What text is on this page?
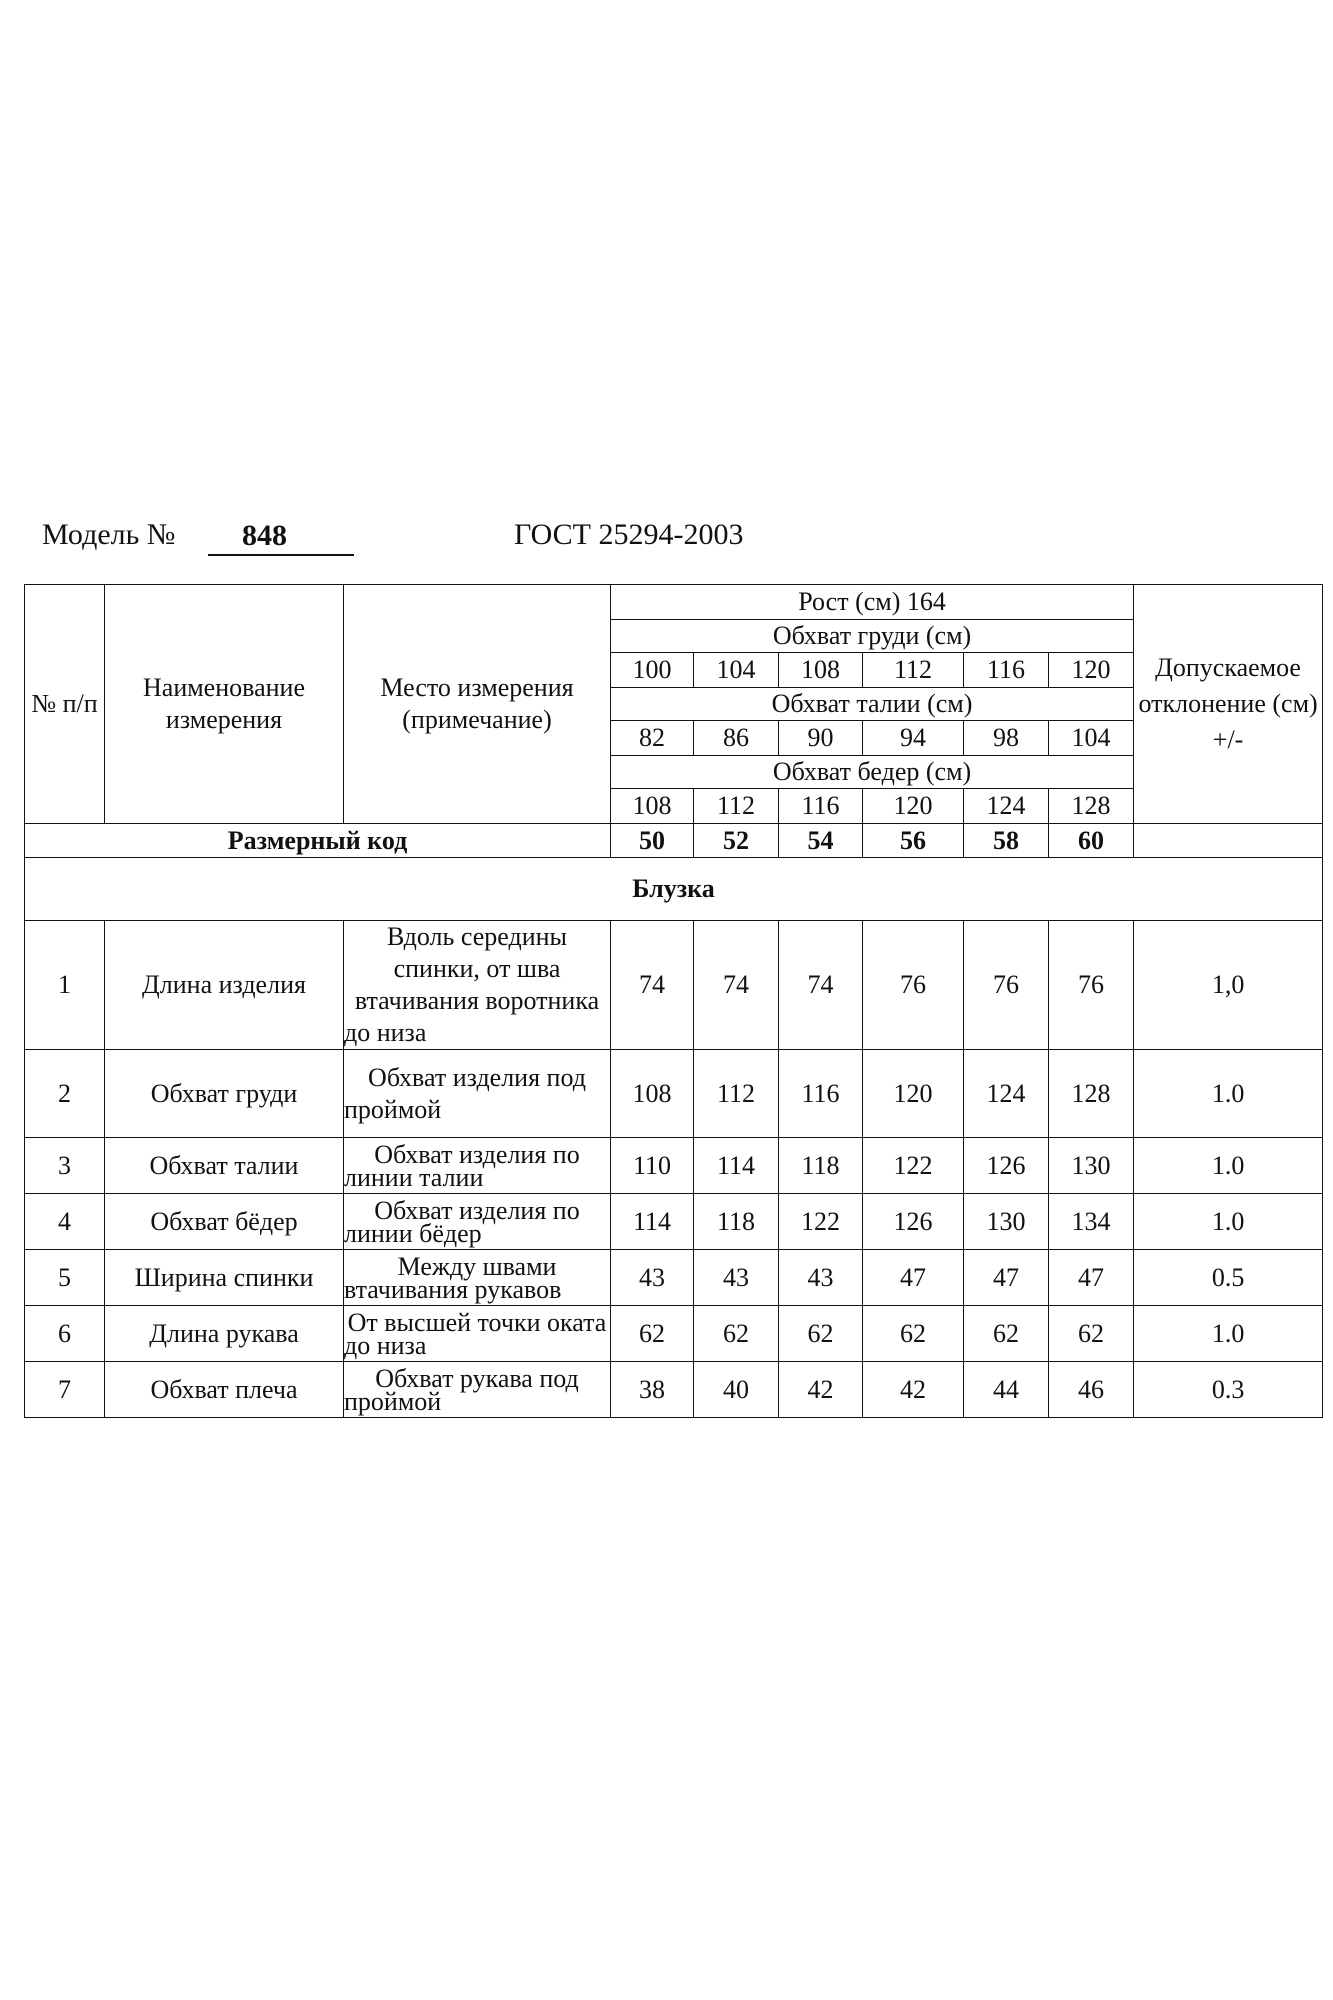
Модель №	848	ГОСТ 25294-2003
№ п/п	Наименование измерения	Место измерения (примечание)	Рост (см) 164						Допускаемое отклонение (см) +/-
			Обхват груди (см)						
			100	104	108	112	116	120	
			Обхват талии (см)						
			82	86	90	94	98	104	
			Обхват бедер (см)						
			108	112	116	120	124	128	
Размерный код			50	52	54	56	58	60	
Блузка									
1	Длина изделия	Вдоль середины спинки, от шва втачивания воротника до низа	74	74	74	76	76	76	1,0
2	Обхват груди	Обхват изделия под проймой	108	112	116	120	124	128	1.0
3	Обхват талии	Обхват изделия по линии талии	110	114	118	122	126	130	1.0
4	Обхват бёдер	Обхват изделия по линии бёдер	114	118	122	126	130	134	1.0
5	Ширина спинки	Между швами втачивания рукавов	43	43	43	47	47	47	0.5
6	Длина рукава	От высшей точки оката до низа	62	62	62	62	62	62	1.0
7	Обхват плеча	Обхват рукава под проймой	38	40	42	42	44	46	0.3
